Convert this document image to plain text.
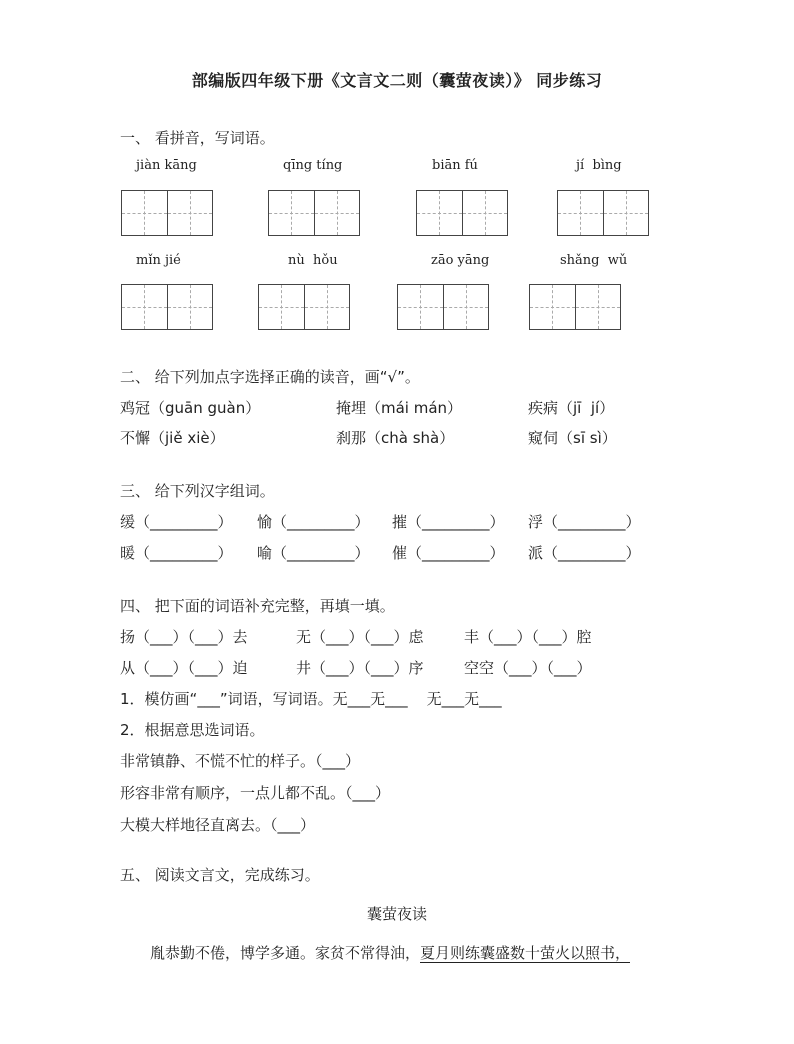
部编版四年级下册《文言文二则（囊萤夜读）》 同步练习
一、 看拼音，写词语。
jiàn kāng	qīng tíng	biān fú	jí  bìng
mǐn jié	nù  hǒu	zāo yāng	shǎng  wǔ
二、 给下列加点字选择正确的读音，画“√”。
鸡冠（guān guàn）	掩埋（mái mán）	疾病（jī  jí）
不懈（jiě xiè）	刹那（chà shà）	窥伺（sī sì）
三、 给下列汉字组词。
缓（_________） 愉（_________） 摧（_________） 浮（_________）
暖（_________） 喻（_________） 催（_________） 派（_________）
四、 把下面的词语补充完整，再填一填。
扬（___）（___）去	无（___）（___）虑	丰（___）（___）腔
从（___）（___）迫	井（___）（___）序	空空（___）（___）
1．模仿画“___”词语，写词语。无___无___    无___无___
2．根据意思选词语。
非常镇静、不慌不忙的样子。（___）
形容非常有顺序，一点儿都不乱。（___）
大模大样地径直离去。（___）
五、 阅读文言文，完成练习。
囊萤夜读
胤恭勤不倦，博学多通。家贫不常得油，夏月则练囊盛数十萤火以照书，
